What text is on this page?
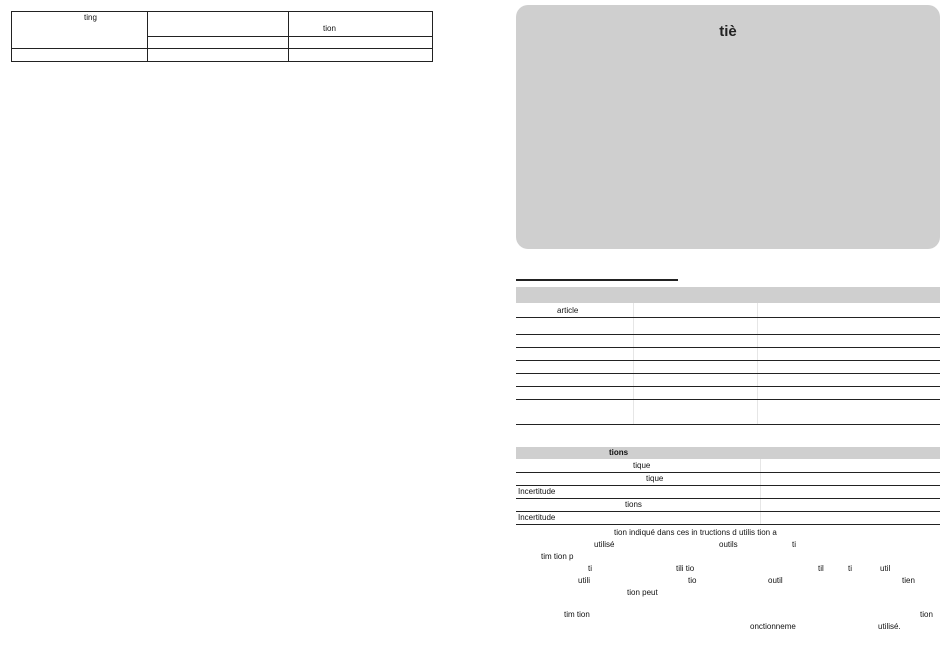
ting
tion	tiè
article
tions
tique
tique
Incertitude
tions
Incertitude
tion indiqué dans ces in tructions d utilis tion a
utilisé	outils	ti
tim tion p
ti	tili tio	til	ti	util
utili	tio	outil	tien
tion peut
tim tion	tion
onctionneme	utilisé.
